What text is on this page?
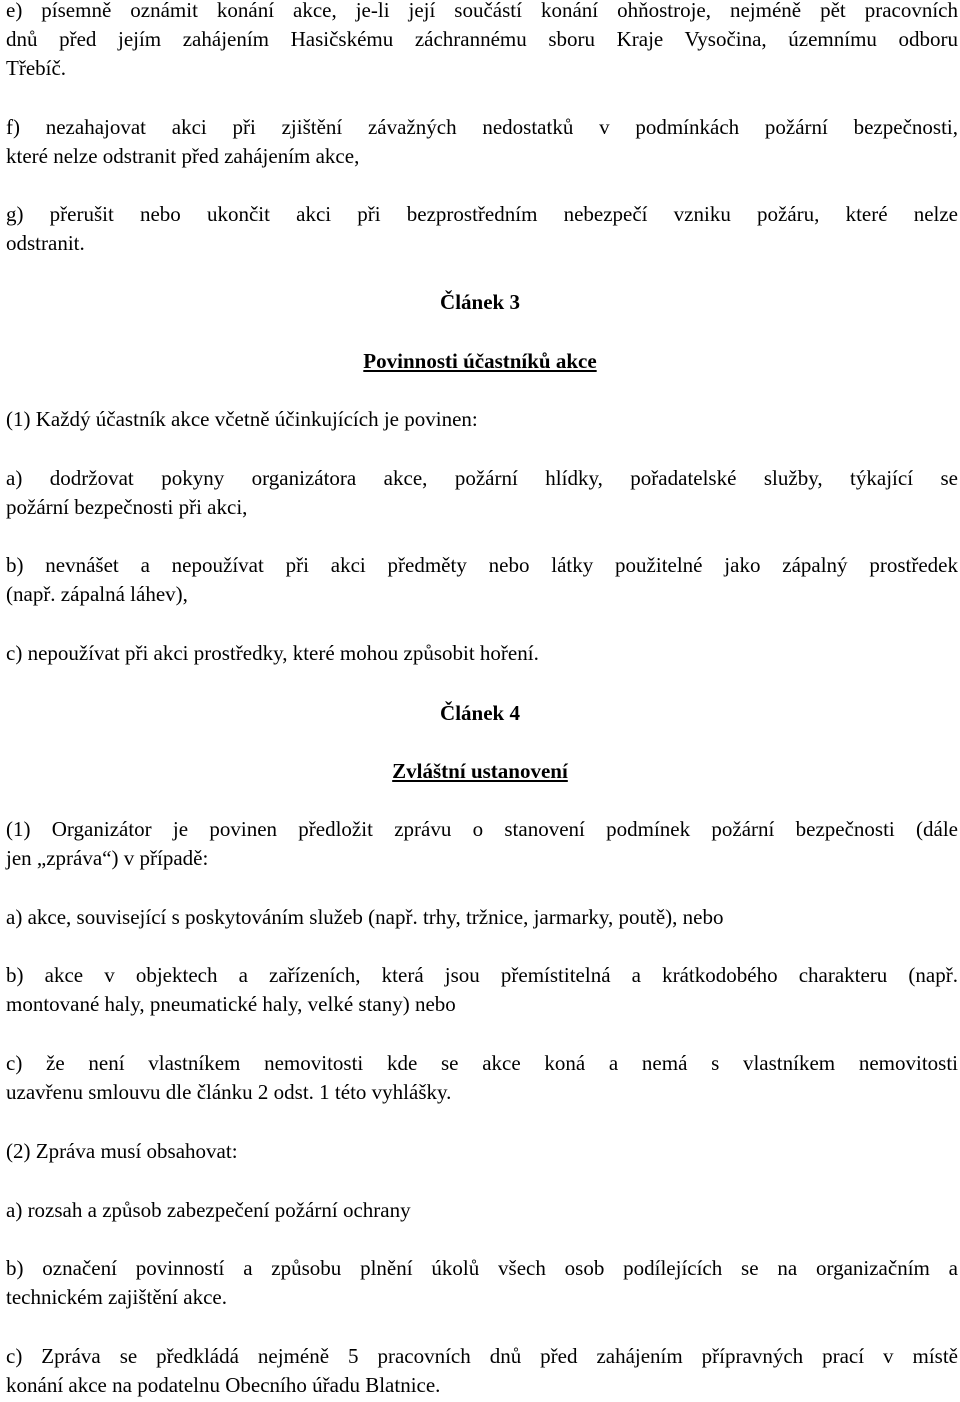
e) písemně oznámit konání akce, je-li její součástí konání ohňostroje, nejméně pět pracovních

dnů před jejím zahájením Hasičskému záchrannému sboru Kraje Vysočina, územnímu odboru

Třebíč.

f) nezahajovat akci při zjištění závažných nedostatků v podmínkách požární bezpečnosti,

které nelze odstranit před zahájením akce,

g) přerušit nebo ukončit akci při bezprostředním nebezpečí vzniku požáru, které nelze

odstranit.

Článek 3
Povinnosti účastníků akce

(1) Každý účastník akce včetně účinkujících je povinen:

a) dodržovat pokyny organizátora akce, požární hlídky, pořadatelské služby, týkající se

požární bezpečnosti při akci,

b) nevnášet a nepoužívat při akci předměty nebo látky použitelné jako zápalný prostředek

(např. zápalná láhev),

c) nepoužívat při akci prostředky, které mohou způsobit hoření.

Článek 4
Zvláštní ustanovení

(1) Organizátor je povinen předložit zprávu o stanovení podmínek požární bezpečnosti (dále

jen „zpráva“) v případě:

a) akce, související s poskytováním služeb (např. trhy, tržnice, jarmarky, poutě), nebo

b) akce v objektech a zařízeních, která jsou přemístitelná a krátkodobého charakteru (např.

montované haly, pneumatické haly, velké stany) nebo

c) že není vlastníkem nemovitosti kde se akce koná a nemá s vlastníkem nemovitosti

uzavřenu smlouvu dle článku 2 odst. 1 této vyhlášky.

(2) Zpráva musí obsahovat:

a) rozsah a způsob zabezpečení požární ochrany

b) označení povinností a způsobu plnění úkolů všech osob podílejících se na organizačním a

technickém zajištění akce.

c) Zpráva se předkládá nejméně 5 pracovních dnů před zahájením přípravných prací v místě

konání akce na podatelnu Obecního úřadu Blatnice.
